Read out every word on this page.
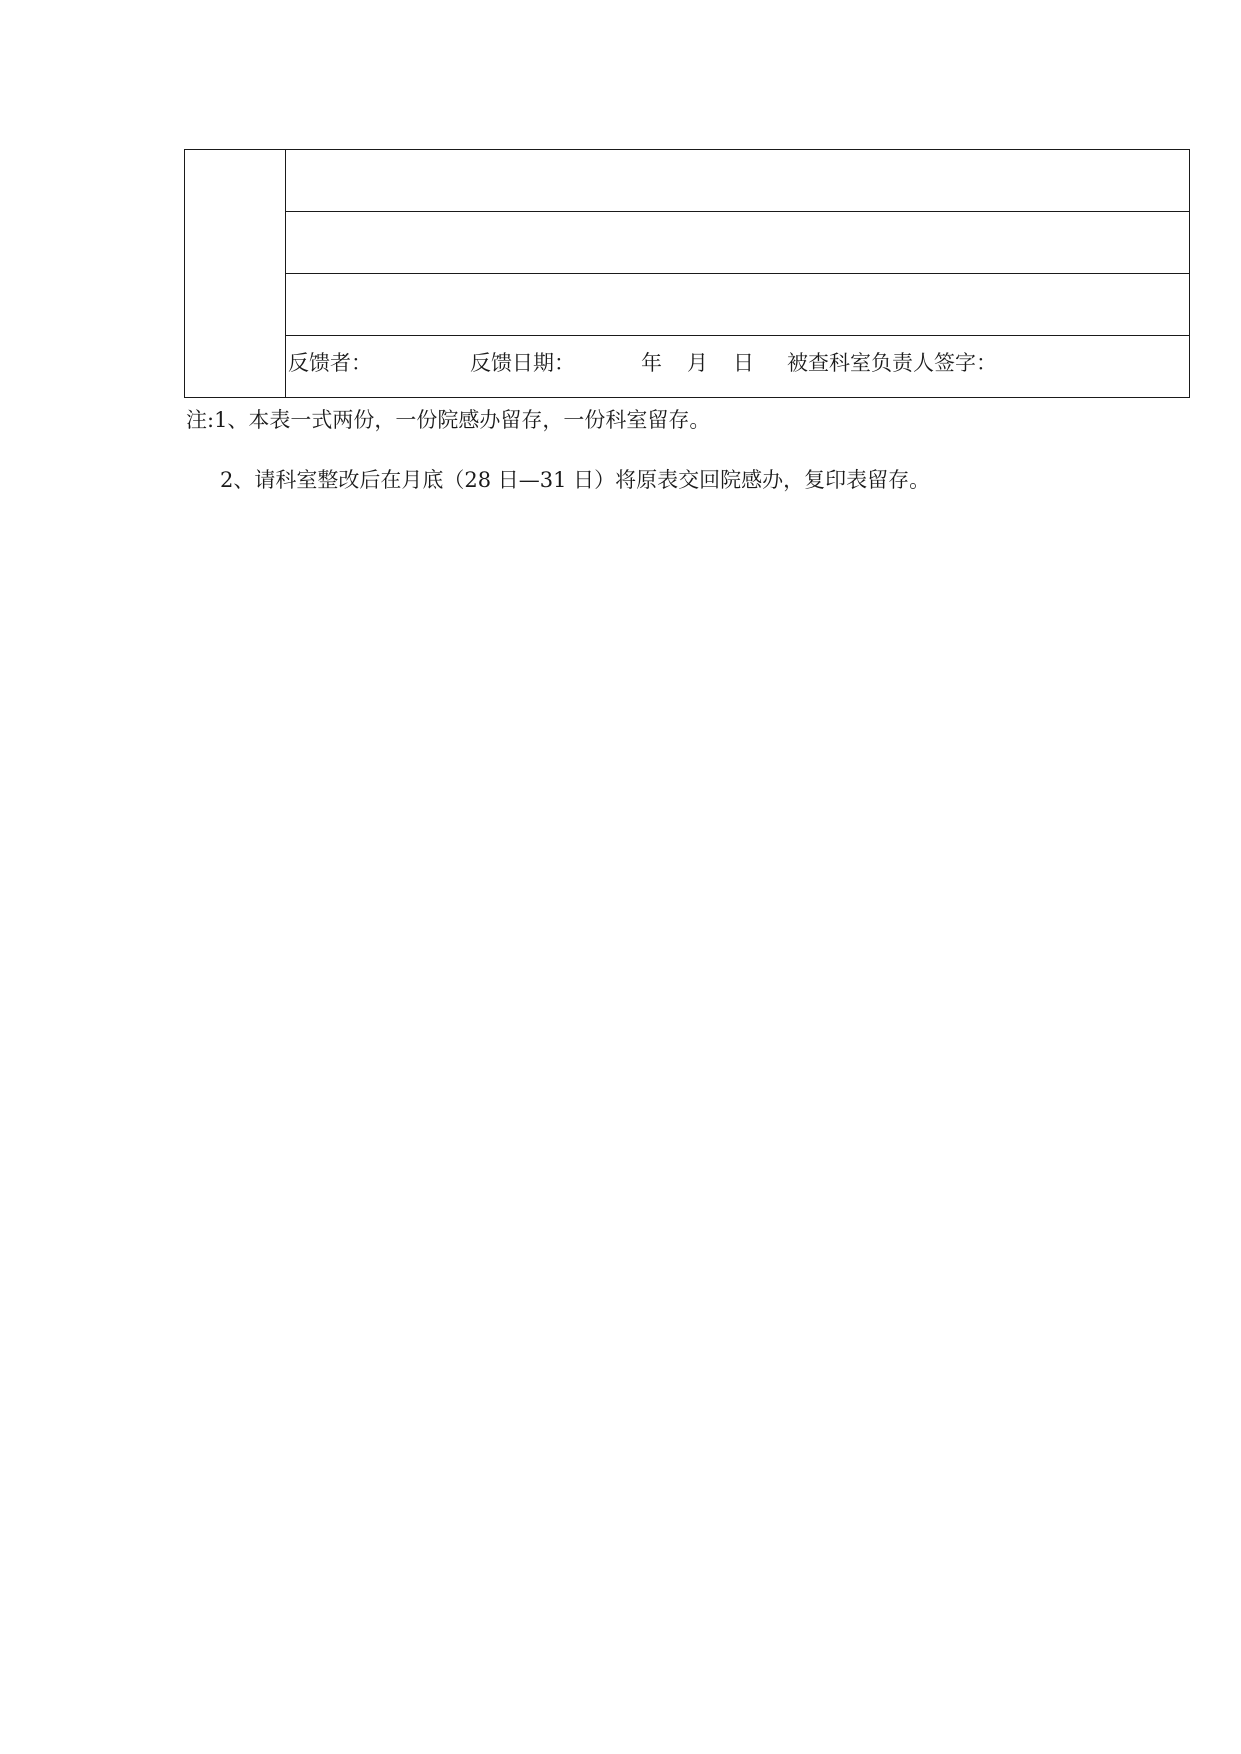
反馈者：	反馈日期：	年 月 日 被查科室负责人签字：
注:1、本表一式两份，一份院感办留存，一份科室留存。
2、请科室整改后在月底（28 日—31 日）将原表交回院感办，复印表留存。
